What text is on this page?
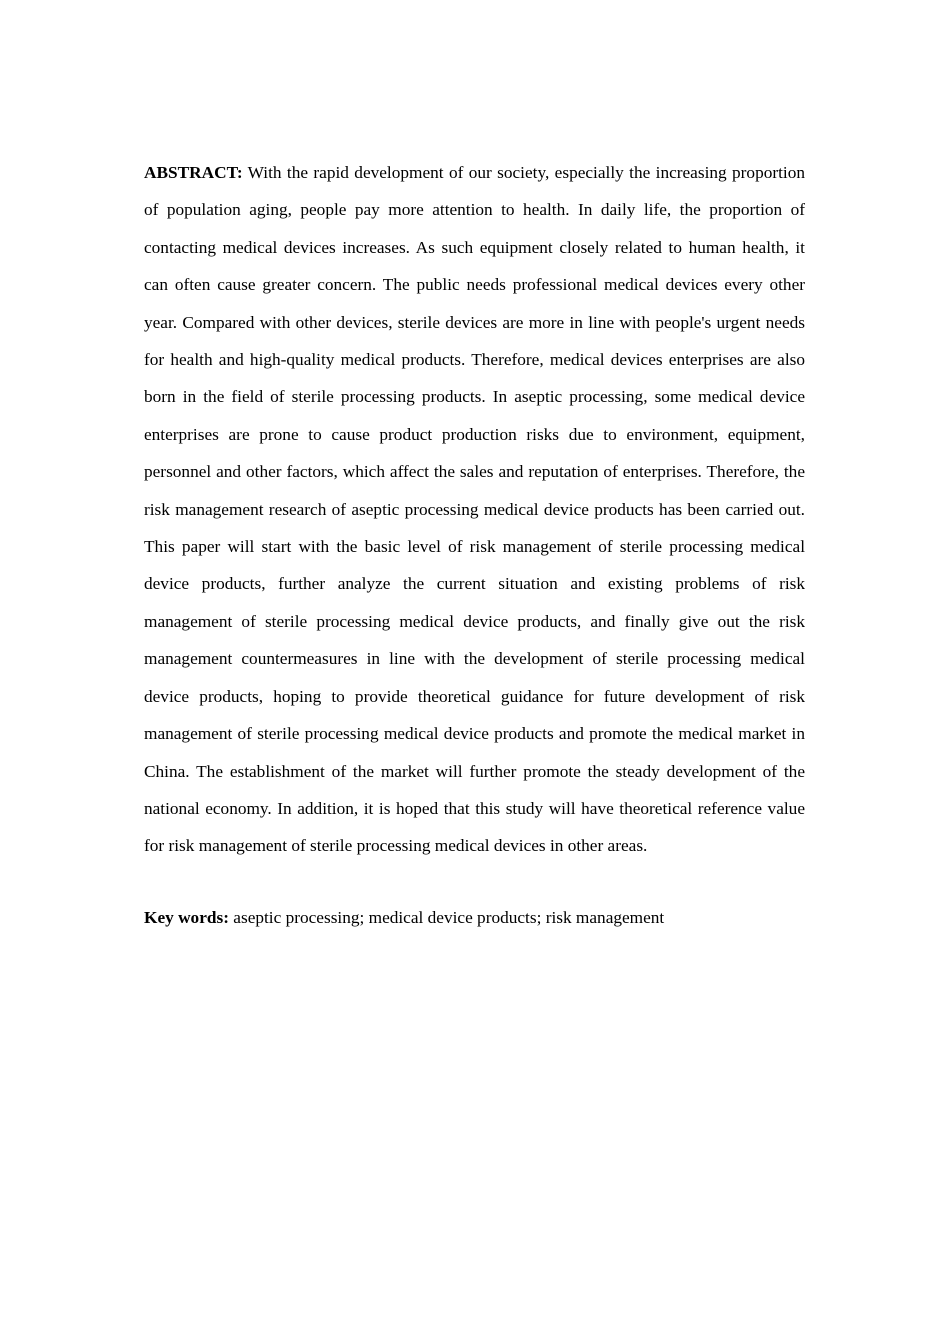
ABSTRACT: With the rapid development of our society, especially the increasing proportion of population aging, people pay more attention to health. In daily life, the proportion of contacting medical devices increases. As such equipment closely related to human health, it can often cause greater concern. The public needs professional medical devices every other year. Compared with other devices, sterile devices are more in line with people's urgent needs for health and high-quality medical products. Therefore, medical devices enterprises are also born in the field of sterile processing products. In aseptic processing, some medical device enterprises are prone to cause product production risks due to environment, equipment, personnel and other factors, which affect the sales and reputation of enterprises. Therefore, the risk management research of aseptic processing medical device products has been carried out. This paper will start with the basic level of risk management of sterile processing medical device products, further analyze the current situation and existing problems of risk management of sterile processing medical device products, and finally give out the risk management countermeasures in line with the development of sterile processing medical device products, hoping to provide theoretical guidance for future development of risk management of sterile processing medical device products and promote the medical market in China. The establishment of the market will further promote the steady development of the national economy. In addition, it is hoped that this study will have theoretical reference value for risk management of sterile processing medical devices in other areas.

Key words: aseptic processing; medical device products; risk management
